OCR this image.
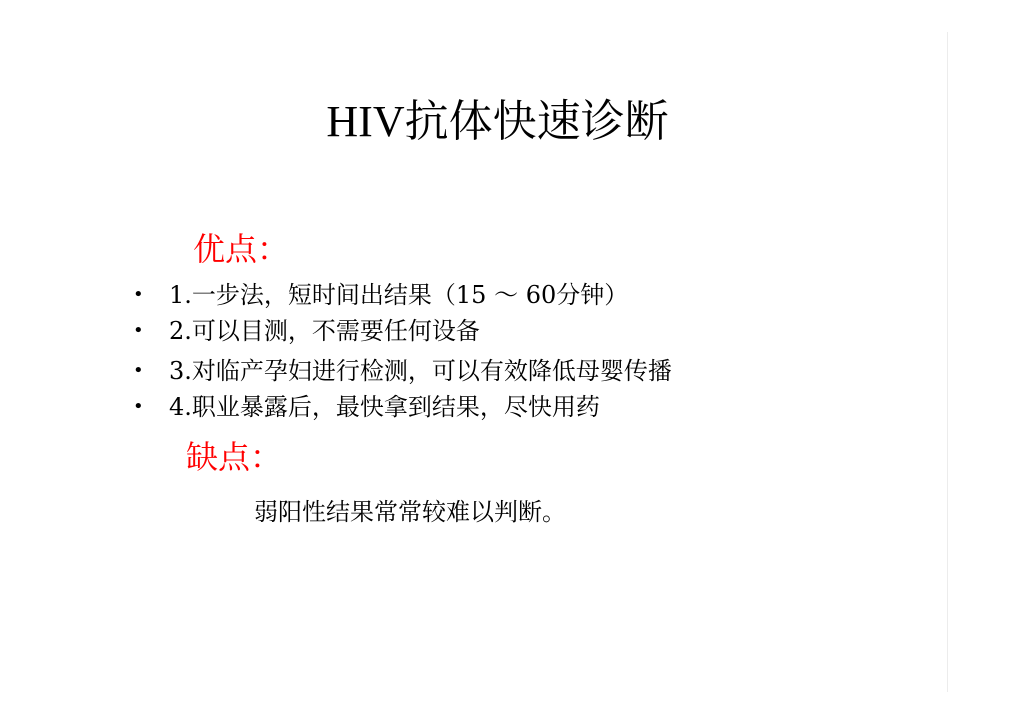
HIV抗体快速诊断
优点：
•	1.一步法，短时间出结果（15 ～ 60分钟）
•	2.可以目测，不需要任何设备
•	3.对临产孕妇进行检测，可以有效降低母婴传播
•	4.职业暴露后，最快拿到结果，尽快用药
缺点：
弱阳性结果常常较难以判断。
